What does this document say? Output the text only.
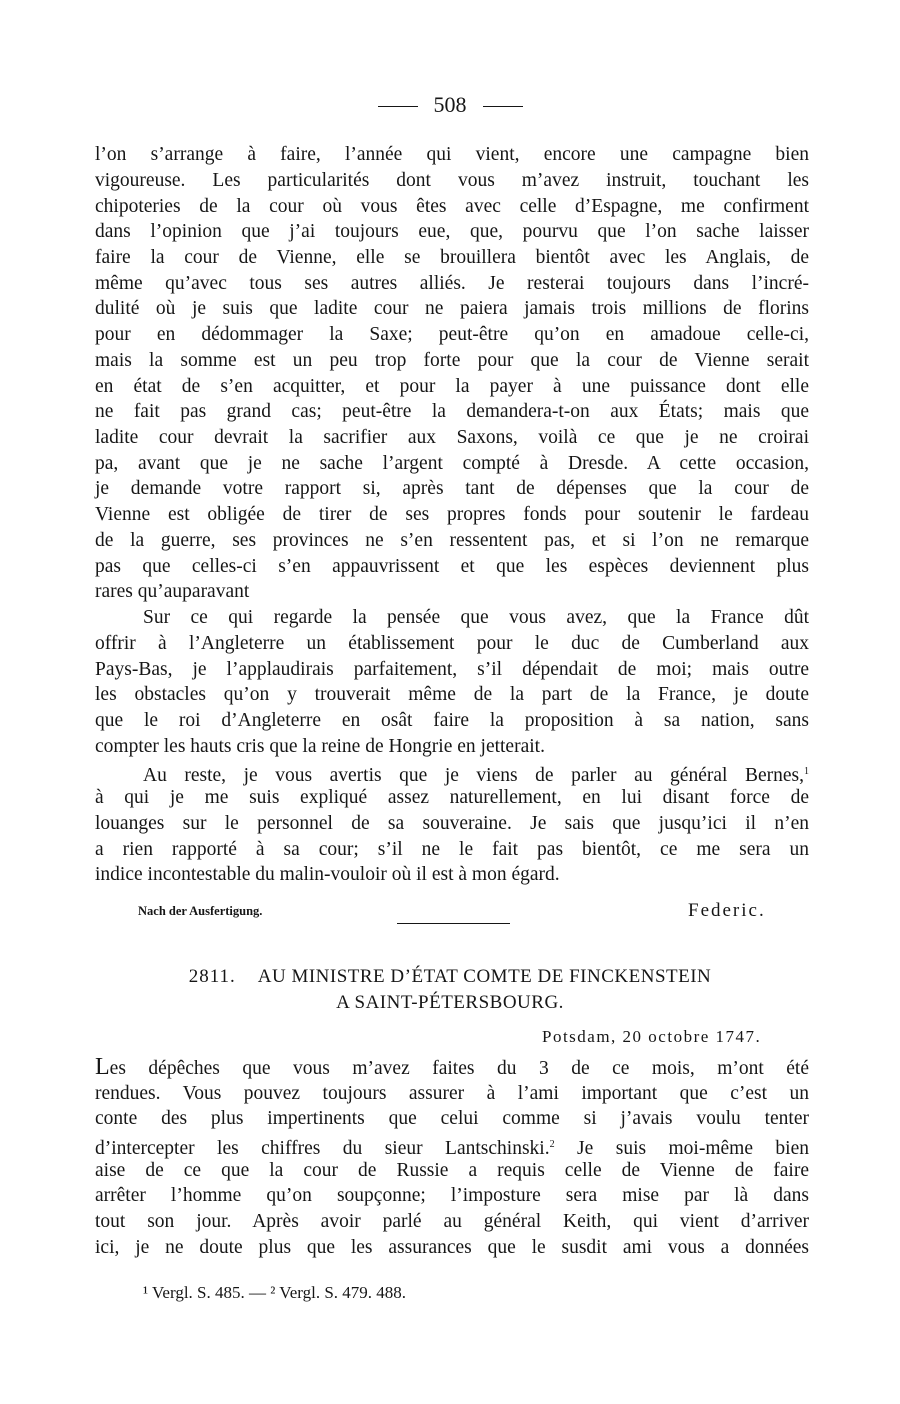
508
l’on s’arrange à faire, l’année qui vient, encore une campagne bien
vigoureuse. Les particularités dont vous m’avez instruit, touchant les
chipoteries de la cour où vous êtes avec celle d’Espagne, me confirment
dans l’opinion que j’ai toujours eue, que, pourvu que l’on sache laisser
faire la cour de Vienne, elle se brouillera bientôt avec les Anglais, de
même qu’avec tous ses autres alliés. Je resterai toujours dans l’incré-
dulité où je suis que ladite cour ne paiera jamais trois millions de florins
pour en dédommager la Saxe; peut-être qu’on en amadoue celle-ci,
mais la somme est un peu trop forte pour que la cour de Vienne serait
en état de s’en acquitter, et pour la payer à une puissance dont elle
ne fait pas grand cas; peut-être la demandera-t-on aux États; mais que
ladite cour devrait la sacrifier aux Saxons, voilà ce que je ne croirai
pa, avant que je ne sache l’argent compté à Dresde. A cette occasion,
je demande votre rapport si, après tant de dépenses que la cour de
Vienne est obligée de tirer de ses propres fonds pour soutenir le fardeau
de la guerre, ses provinces ne s’en ressentent pas, et si l’on ne remarque
pas que celles-ci s’en appauvrissent et que les espèces deviennent plus
rares qu’auparavant
Sur ce qui regarde la pensée que vous avez, que la France dût
offrir à l’Angleterre un établissement pour le duc de Cumberland aux
Pays-Bas, je l’applaudirais parfaitement, s’il dépendait de moi; mais outre
les obstacles qu’on y trouverait même de la part de la France, je doute
que le roi d’Angleterre en osât faire la proposition à sa nation, sans
compter les hauts cris que la reine de Hongrie en jetterait.
Au reste, je vous avertis que je viens de parler au général Bernes,$^1$
à qui je me suis expliqué assez naturellement, en lui disant force de
louanges sur le personnel de sa souveraine. Je sais que jusqu’ici il n’en
a rien rapporté à sa cour; s’il ne le fait pas bientôt, ce me sera un
indice incontestable du malin-vouloir où il est à mon égard.
Nach der Ausfertigung.	Federic.
2811. AU MINISTRE D’ÉTAT COMTE DE FINCKENSTEIN
A SAINT-PÉTERSBOURG.
Potsdam, 20 octobre 1747.
Les dépêches que vous m’avez faites du 3 de ce mois, m’ont été
rendues. Vous pouvez toujours assurer à l’ami important que c’est un
conte des plus impertinents que celui comme si j’avais voulu tenter
d’intercepter les chiffres du sieur Lantschinski.$^2$ Je suis moi-même bien
aise de ce que la cour de Russie a requis celle de Vienne de faire
arrêter l’homme qu’on soupçonne; l’imposture sera mise par là dans
tout son jour. Après avoir parlé au général Keith, qui vient d’arriver
ici, je ne doute plus que les assurances que le susdit ami vous a données
¹ Vergl. S. 485. — ² Vergl. S. 479. 488.
